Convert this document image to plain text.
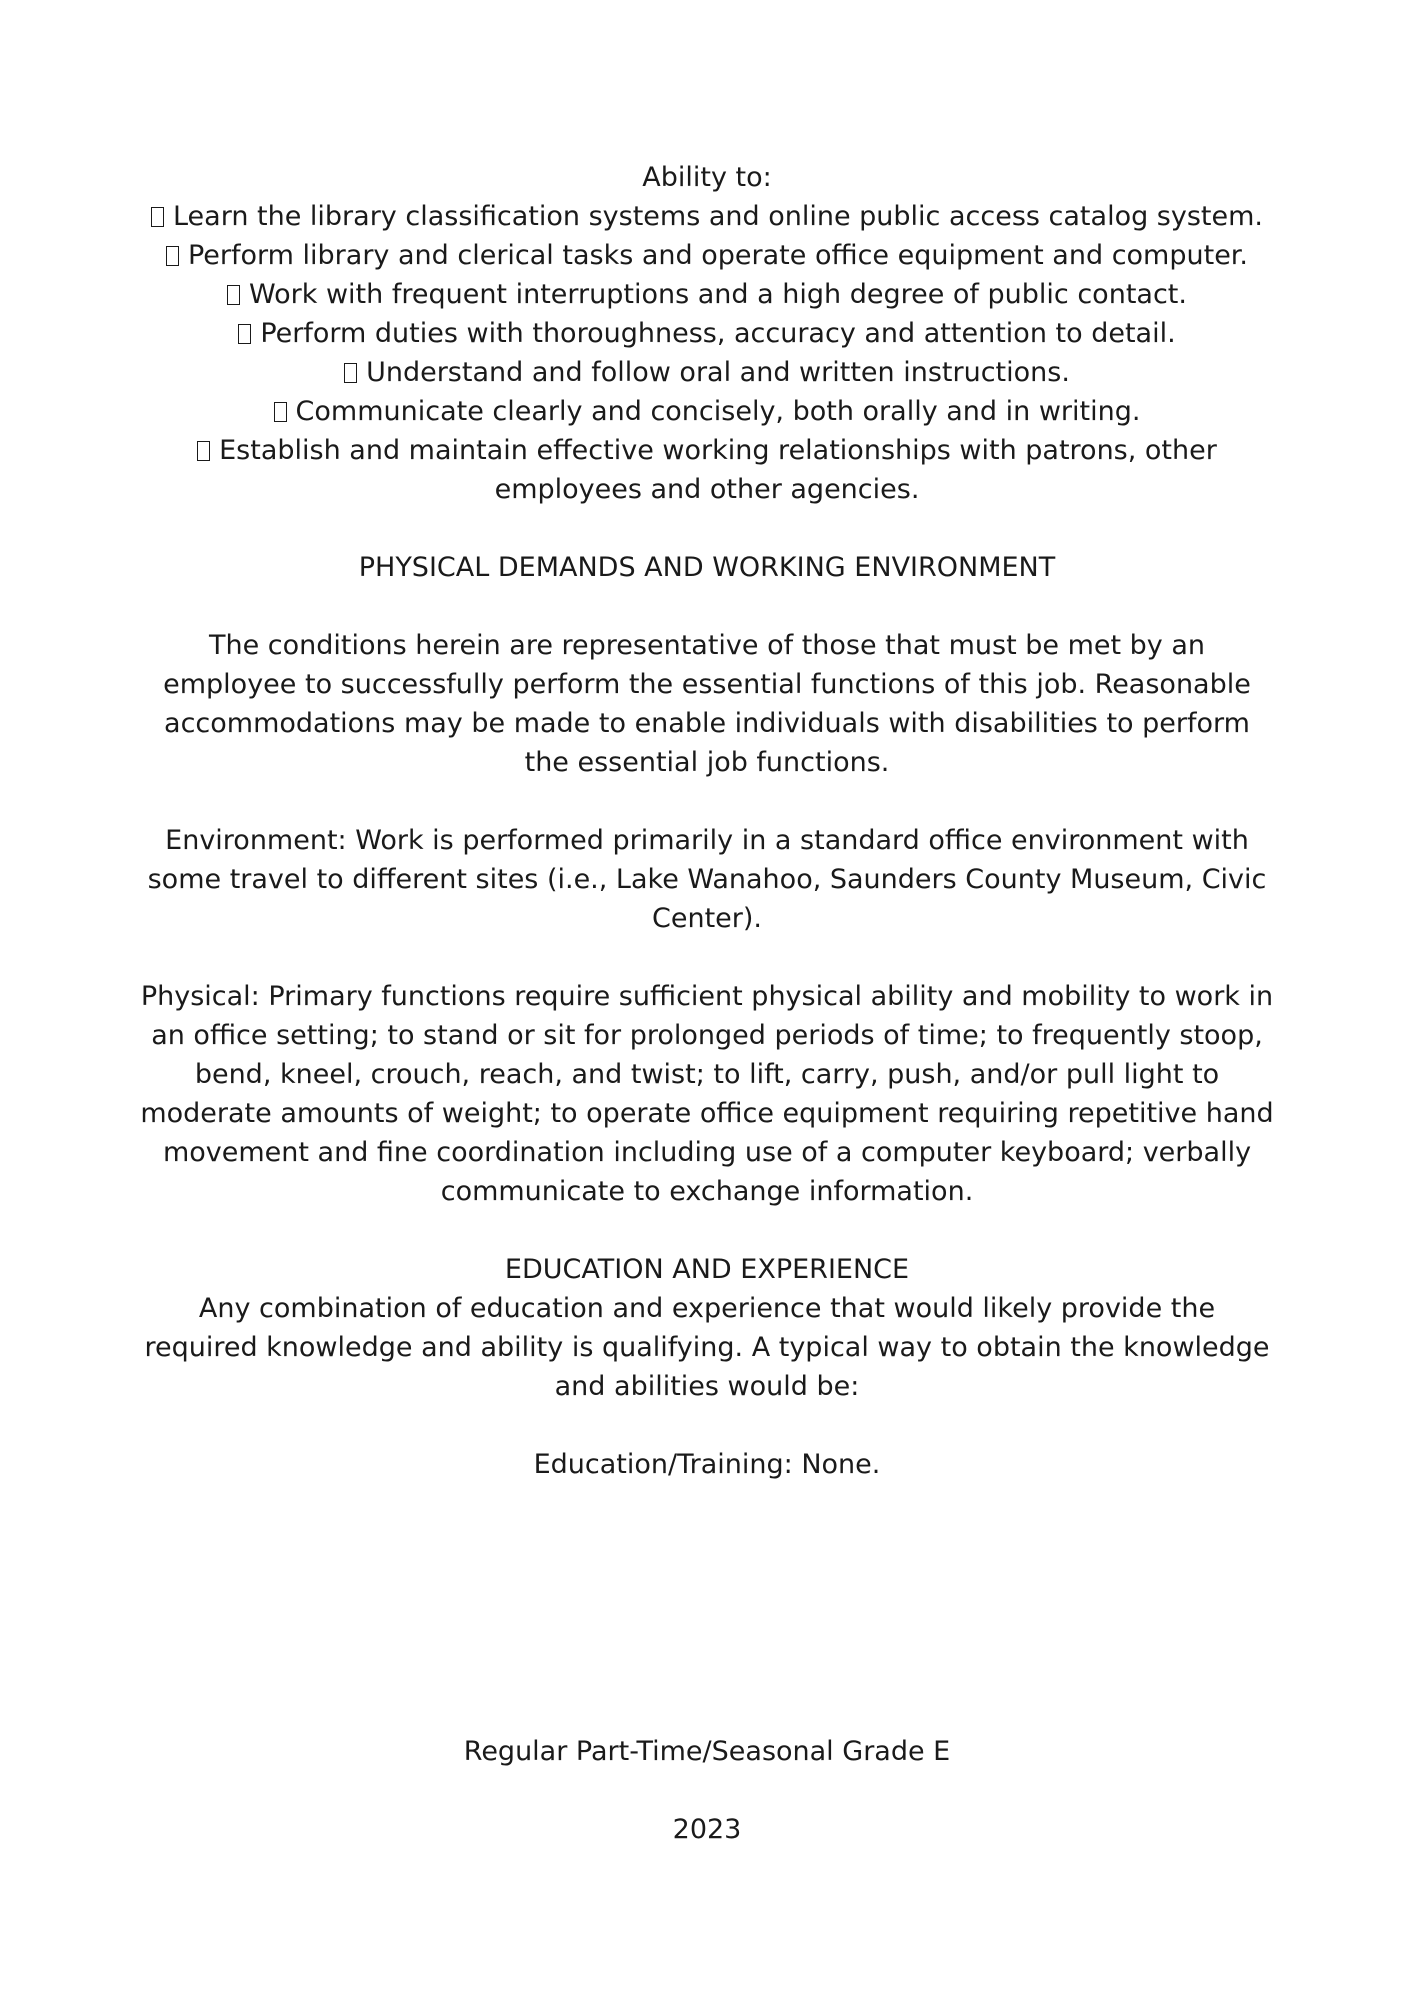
Ability to:

Learn the library classification systems and online public access catalog system.

Perform library and clerical tasks and operate office equipment and computer.

Work with frequent interruptions and a high degree of public contact.

Perform duties with thoroughness, accuracy and attention to detail.

Understand and follow oral and written instructions.

Communicate clearly and concisely, both orally and in writing.

Establish and maintain effective working relationships with patrons, other employees and other agencies.

PHYSICAL DEMANDS AND WORKING ENVIRONMENT

The conditions herein are representative of those that must be met by an employee to successfully perform the essential functions of this job. Reasonable accommodations may be made to enable individuals with disabilities to perform the essential job functions.

Environment: Work is performed primarily in a standard office environment with some travel to different sites (i.e., Lake Wanahoo, Saunders County Museum, Civic Center).

Physical: Primary functions require sufficient physical ability and mobility to work in an office setting; to stand or sit for prolonged periods of time; to frequently stoop, bend, kneel, crouch, reach, and twist; to lift, carry, push, and/or pull light to moderate amounts of weight; to operate office equipment requiring repetitive hand movement and fine coordination including use of a computer keyboard; verbally communicate to exchange information.

EDUCATION AND EXPERIENCE

Any combination of education and experience that would likely provide the required knowledge and ability is qualifying. A typical way to obtain the knowledge and abilities would be:

Education/Training: None.

Regular Part-Time/Seasonal Grade E

2023
